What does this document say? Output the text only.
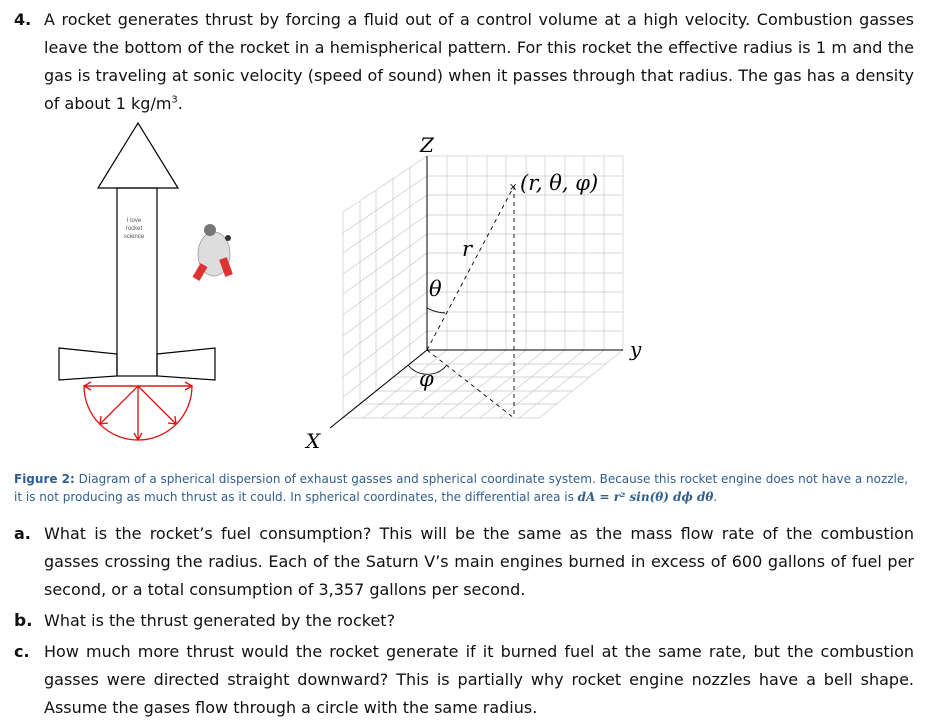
4. A rocket generates thrust by forcing a fluid out of a control volume at a high velocity. Combustion gasses leave the bottom of the rocket in a hemispherical pattern. For this rocket the effective radius is 1 m and the gas is traveling at sonic velocity (speed of sound) when it passes through that radius. The gas has a density of about 1 $kg/m^3$.
I love
rocket
science
×
Z
y
X
(r, θ, φ)
r
θ
φ
Figure 2: Diagram of a spherical dispersion of exhaust gasses and spherical coordinate system. Because this rocket engine does not have a nozzle, it is not producing as much thrust as it could. In spherical coordinates, the differential area is dA = r² sin(θ) dϕ dθ.
a. What is the rocket’s fuel consumption? This will be the same as the mass flow rate of the combustion gasses crossing the radius. Each of the Saturn V’s main engines burned in excess of 600 gallons of fuel per second, or a total consumption of 3,357 gallons per second.
b. What is the thrust generated by the rocket?
c. How much more thrust would the rocket generate if it burned fuel at the same rate, but the combustion gasses were directed straight downward? This is partially why rocket engine nozzles have a bell shape. Assume the gases flow through a circle with the same radius.
